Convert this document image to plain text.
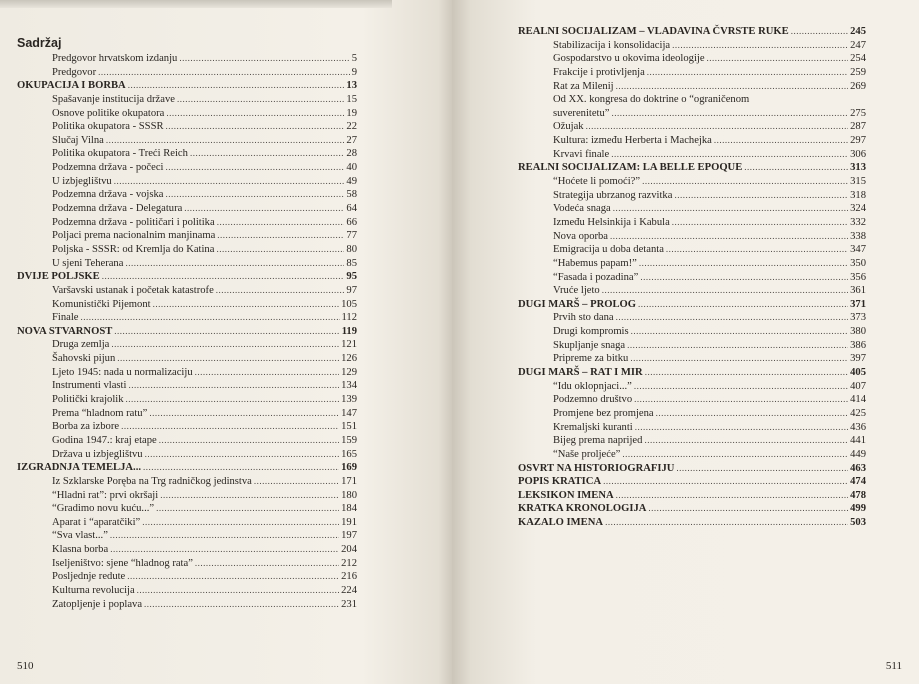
Sadržaj
Predgovor hrvatskom izdanju .....	5
Predgovor .....	9
OKUPACIJA I BORBA .....	13
Spašavanje institucija države .....	15
Osnove politike okupatora .....	19
Politika okupatora - SSSR .....	22
Slučaj Vilna .....	27
Politika okupatora - Treći Reich .....	28
Podzemna država - počeci .....	40
U izbjeglištvu .....	49
Podzemna država - vojska .....	58
Podzemna država - Delegatura .....	64
Podzemna država - političari i politika .....	66
Poljaci prema nacionalnim manjinama .....	77
Poljska - SSSR: od Kremlja do Katina .....	80
U sjeni Teherana .....	85
DVIJE POLJSKE .....	95
Varšavski ustanak i početak katastrofe .....	97
Komunistički Pijemont .....	105
Finale .....	112
NOVA STVARNOST .....	119
Druga zemlja .....	121
Šahovski pijun .....	126
Ljeto 1945: nada u normalizaciju .....	129
Instrumenti vlasti .....	134
Politički krajolik .....	139
Prema “hladnom ratu” .....	147
Borba za izbore .....	151
Godina 1947.: kraj etape .....	159
Država u izbjeglištvu .....	165
IZGRADNJA TEMELJA... .....	169
Iz Szklarske Poręba na Trg radničkog jedinstva .....	171
“Hladni rat”: prvi okršaji .....	180
“Gradimo novu kuću...” .....	184
Aparat i “aparatčiki” .....	191
“Sva vlast...” .....	197
Klasna borba .....	204
Iseljeništvo: sjene “hladnog rata” .....	212
Posljednje redute .....	216
Kulturna revolucija .....	224
Zatopljenje i poplava .....	231
510
REALNI SOCIJALIZAM – VLADAVINA ČVRSTE RUKE .....	245
Stabilizacija i konsolidacija .....	247
Gospodarstvo u okovima ideologije .....	254
Frakcije i protivljenja .....	259
Rat za Milenij .....	269
Od XX. kongresa do doktrine o “ograničenom
suverenitetu” .....	275
Ožujak .....	287
Kultura: između Herberta i Machejka .....	297
Krvavi finale .....	306
REALNI SOCIJALIZAM: LA BELLE EPOQUE .....	313
“Hoćete li pomoći?” .....	315
Strategija ubrzanog razvitka .....	318
Vodeća snaga .....	324
Između Helsinkija i Kabula .....	332
Nova oporba .....	338
Emigracija u doba detanta .....	347
“Habemus papam!” .....	350
“Fasada i pozadina” .....	356
Vruće ljeto .....	361
DUGI MARŠ – PROLOG .....	371
Prvih sto dana .....	373
Drugi kompromis .....	380
Skupljanje snaga .....	386
Pripreme za bitku .....	397
DUGI MARŠ – RAT I MIR .....	405
“Idu oklopnjaci...” .....	407
Podzemno društvo .....	414
Promjene bez promjena .....	425
Kremaljski kuranti .....	436
Bijeg prema naprijed .....	441
“Naše proljeće” .....	449
OSVRT NA HISTORIOGRAFIJU .....	463
POPIS KRATICA .....	474
LEKSIKON IMENA .....	478
KRATKA KRONOLOGIJA .....	499
KAZALO IMENA .....	503
511
